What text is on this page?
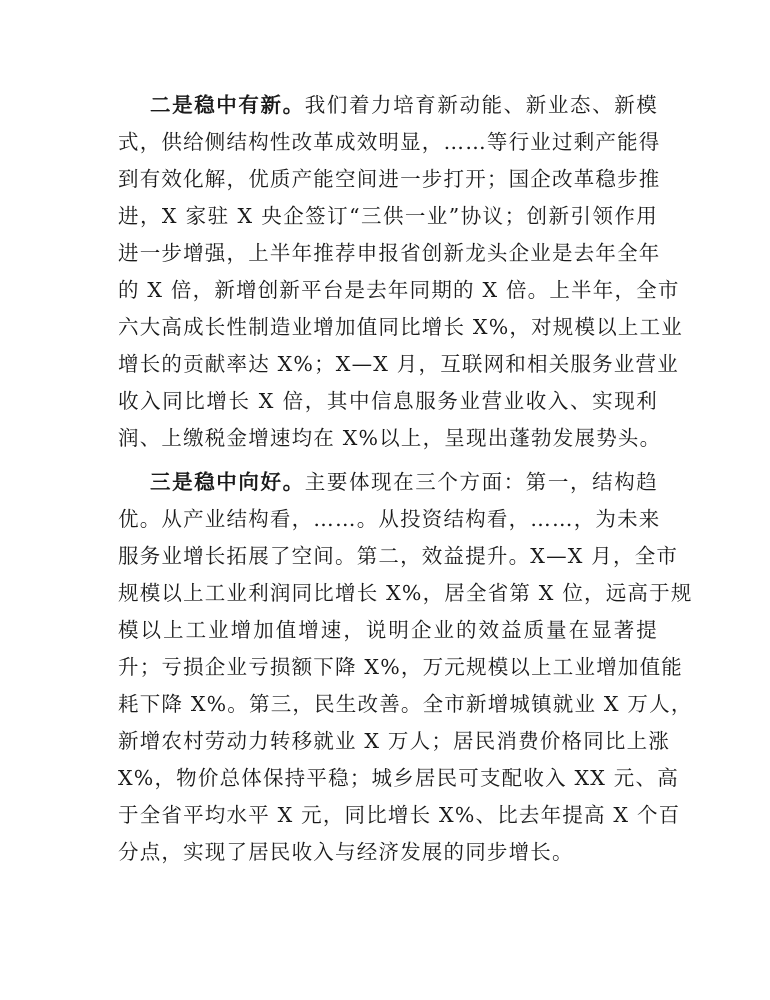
二是稳中有新。我们着力培育新动能、新业态、新模
式，供给侧结构性改革成效明显，……等行业过剩产能得
到有效化解，优质产能空间进一步打开；国企改革稳步推
进，X 家驻 X 央企签订“三供一业”协议；创新引领作用
进一步增强，上半年推荐申报省创新龙头企业是去年全年
的 X 倍，新增创新平台是去年同期的 X 倍。上半年，全市
六大高成长性制造业增加值同比增长 X%，对规模以上工业
增长的贡献率达 X%；X—X 月，互联网和相关服务业营业
收入同比增长 X 倍，其中信息服务业营业收入、实现利
润、上缴税金增速均在 X%以上，呈现出蓬勃发展势头。
三是稳中向好。主要体现在三个方面：第一，结构趋
优。从产业结构看，……。从投资结构看，……，为未来
服务业增长拓展了空间。第二，效益提升。X—X 月，全市
规模以上工业利润同比增长 X%，居全省第 X 位，远高于规
模以上工业增加值增速，说明企业的效益质量在显著提
升；亏损企业亏损额下降 X%，万元规模以上工业增加值能
耗下降 X%。第三，民生改善。全市新增城镇就业 X 万人，
新增农村劳动力转移就业 X 万人；居民消费价格同比上涨
X%，物价总体保持平稳；城乡居民可支配收入 XX 元、高
于全省平均水平 X 元，同比增长 X%、比去年提高 X 个百
分点，实现了居民收入与经济发展的同步增长。
